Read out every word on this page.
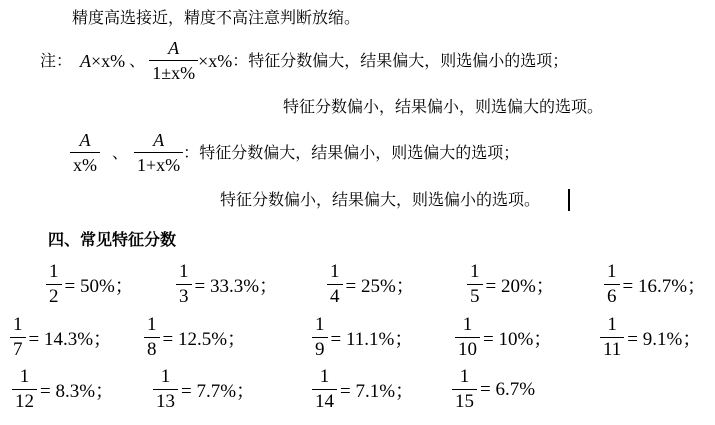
精度高选接近，精度不高注意判断放缩。
注： A×x% 、 $\frac{A}{1\pm x\%} \times x\%$ ： 特征分数偏大，结果偏大，则选偏小的选项；
特征分数偏小，结果偏小，则选偏大的选项。
$\frac{A}{x\%}$ 、 $\frac{A}{1+x\%}$ ： 特征分数偏大，结果偏小，则选偏大的选项；
特征分数偏小，结果偏大，则选偏小的选项。
四、常见特征分数
$\frac{1}{2} = 50\%$； $\frac{1}{3} = 33.3\%$；	$\frac{1}{4} = 25\%$；	$\frac{1}{5} = 20\%$；	$\frac{1}{6} = 16.7\%$；
$\frac{1}{7} = 14.3\%$； $\frac{1}{8} = 12.5\%$；	$\frac{1}{9} = 11.1\%$； $\frac{1}{10} = 10\%$；	$\frac{1}{11} = 9.1\%$；
$\frac{1}{12} = 8.3\%$； $\frac{1}{13} = 7.7\%$；	$\frac{1}{14} = 7.1\%$； $\frac{1}{15} = 6.7\%$
